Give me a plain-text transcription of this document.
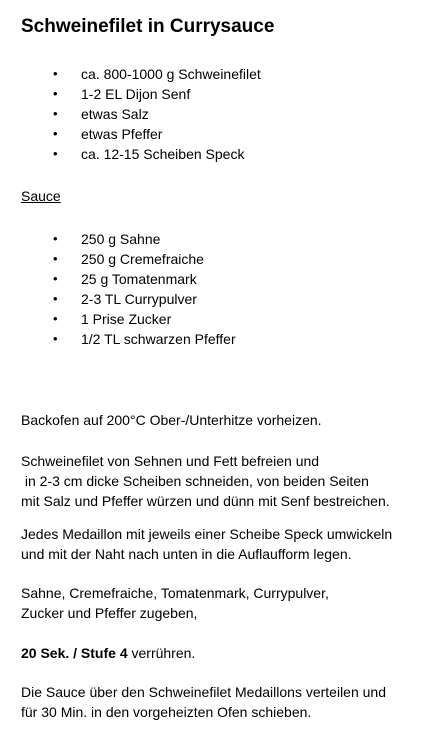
Schweinefilet in Currysauce
• ca. 800-1000 g Schweinefilet
• 1-2 EL Dijon Senf
• etwas Salz
• etwas Pfeffer
• ca. 12-15 Scheiben Speck
Sauce
• 250 g Sahne
• 250 g Cremefraiche
• 25 g Tomatenmark
• 2-3 TL Currypulver
• 1 Prise Zucker
• 1/2 TL schwarzen Pfeffer
Backofen auf 200°C Ober-/Unterhitze vorheizen.
Schweinefilet von Sehnen und Fett befreien und
in 2-3 cm dicke Scheiben schneiden, von beiden Seiten
mit Salz und Pfeffer würzen und dünn mit Senf bestreichen.
Jedes Medaillon mit jeweils einer Scheibe Speck umwickeln
und mit der Naht nach unten in die Auflaufform legen.
Sahne, Cremefraiche, Tomatenmark, Currypulver,
Zucker und Pfeffer zugeben,
20 Sek. / Stufe 4 verrühren.
Die Sauce über den Schweinefilet Medaillons verteilen und
für 30 Min. in den vorgeheizten Ofen schieben.
